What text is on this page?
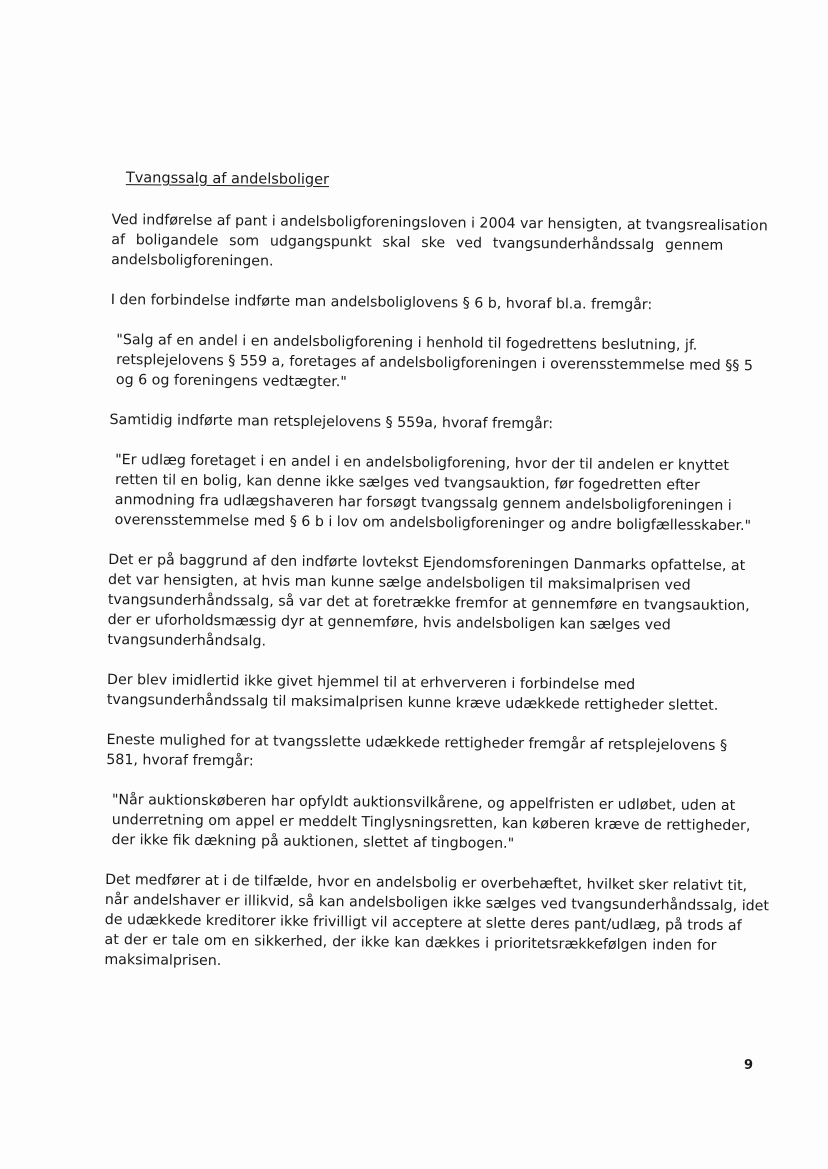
Tvangssalg af andelsboliger
Ved indførelse af pant i andelsboligforeningsloven i 2004 var hensigten, at tvangsrealisation
af boligandele som udgangspunkt skal ske ved tvangsunderhåndssalg gennem
andelsboligforeningen.
I den forbindelse indførte man andelsboliglovens § 6 b, hvoraf bl.a. fremgår:
"Salg af en andel i en andelsboligforening i henhold til fogedrettens beslutning, jf.
retsplejelovens § 559 a, foretages af andelsboligforeningen i overensstemmelse med §§ 5
og 6 og foreningens vedtægter."
Samtidig indførte man retsplejelovens § 559a, hvoraf fremgår:
"Er udlæg foretaget i en andel i en andelsboligforening, hvor der til andelen er knyttet
retten til en bolig, kan denne ikke sælges ved tvangsauktion, før fogedretten efter
anmodning fra udlægshaveren har forsøgt tvangssalg gennem andelsboligforeningen i
overensstemmelse med § 6 b i lov om andelsboligforeninger og andre boligfællesskaber."
Det er på baggrund af den indførte lovtekst Ejendomsforeningen Danmarks opfattelse, at
det var hensigten, at hvis man kunne sælge andelsboligen til maksimalprisen ved
tvangsunderhåndssalg, så var det at foretrække fremfor at gennemføre en tvangsauktion,
der er uforholdsmæssig dyr at gennemføre, hvis andelsboligen kan sælges ved
tvangsunderhåndsalg.
Der blev imidlertid ikke givet hjemmel til at erhververen i forbindelse med
tvangsunderhåndssalg til maksimalprisen kunne kræve udækkede rettigheder slettet.
Eneste mulighed for at tvangsslette udækkede rettigheder fremgår af retsplejelovens §
581, hvoraf fremgår:
"Når auktionskøberen har opfyldt auktionsvilkårene, og appelfristen er udløbet, uden at
underretning om appel er meddelt Tinglysningsretten, kan køberen kræve de rettigheder,
der ikke fik dækning på auktionen, slettet af tingbogen."
Det medfører at i de tilfælde, hvor en andelsbolig er overbehæftet, hvilket sker relativt tit,
når andelshaver er illikvid, så kan andelsboligen ikke sælges ved tvangsunderhåndssalg, idet
de udækkede kreditorer ikke frivilligt vil acceptere at slette deres pant/udlæg, på trods af
at der er tale om en sikkerhed, der ikke kan dækkes i prioritetsrækkefølgen inden for
maksimalprisen.
9
